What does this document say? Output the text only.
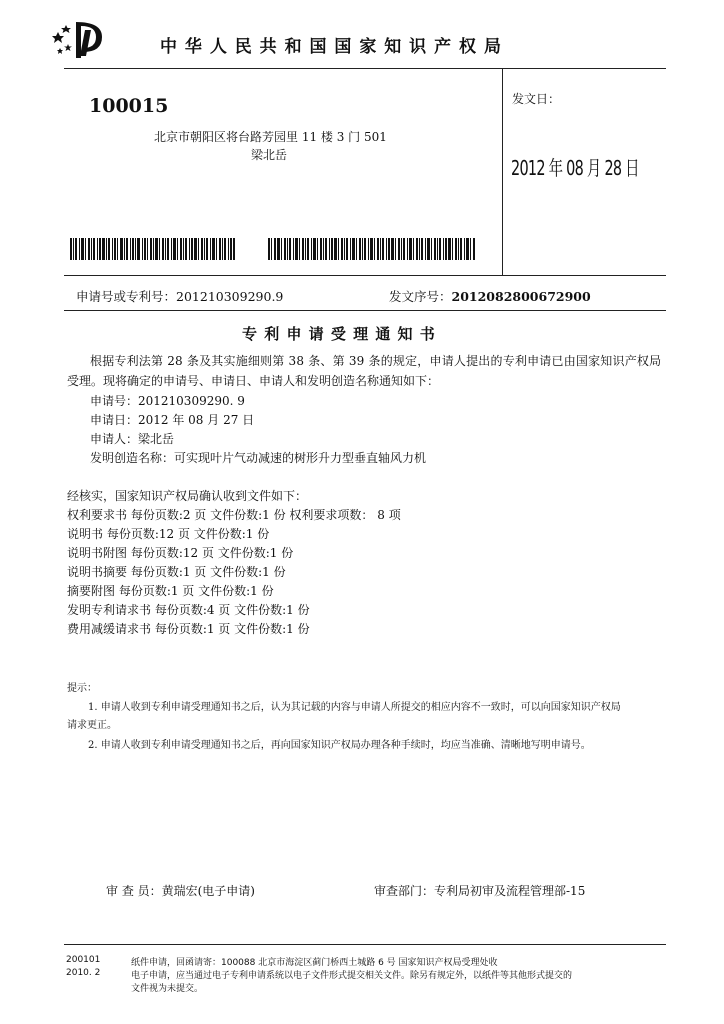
中 华 人 民 共 和 国 国 家 知 识 产 权 局
100015
北京市朝阳区将台路芳园里 11 楼 3 门 501
梁北岳
发文日：
2012 年 08 月 28 日
申请号或专利号：201210309290.9	发文序号：2012082800672900
专 利 申 请 受 理 通 知 书
根据专利法第 28 条及其实施细则第 38 条、第 39 条的规定，申请人提出的专利申请已由国家知识产权局
受理。现将确定的申请号、申请日、申请人和发明创造名称通知如下：
申请号：201210309290. 9
申请日：2012 年 08 月 27 日
申请人：梁北岳
发明创造名称：可实现叶片气动减速的树形升力型垂直轴风力机
经核实，国家知识产权局确认收到文件如下：
权利要求书 每份页数:2 页 文件份数:1 份 权利要求项数： 8 项
说明书 每份页数:12 页 文件份数:1 份
说明书附图 每份页数:12 页 文件份数:1 份
说明书摘要 每份页数:1 页 文件份数:1 份
摘要附图 每份页数:1 页 文件份数:1 份
发明专利请求书 每份页数:4 页 文件份数:1 份
费用减缓请求书 每份页数:1 页 文件份数:1 份
提示：
1. 申请人收到专利申请受理通知书之后，认为其记载的内容与申请人所提交的相应内容不一致时，可以向国家知识产权局
请求更正。
2. 申请人收到专利申请受理通知书之后，再向国家知识产权局办理各种手续时，均应当准确、清晰地写明申请号。
审 查 员：黄瑞宏(电子申请)	审查部门：专利局初审及流程管理部-15
200101	纸件申请，回函请寄：100088 北京市海淀区蓟门桥西土城路 6 号 国家知识产权局受理处收
2010. 2	电子申请，应当通过电子专利申请系统以电子文件形式提交相关文件。除另有规定外，以纸件等其他形式提交的
文件视为未提交。
